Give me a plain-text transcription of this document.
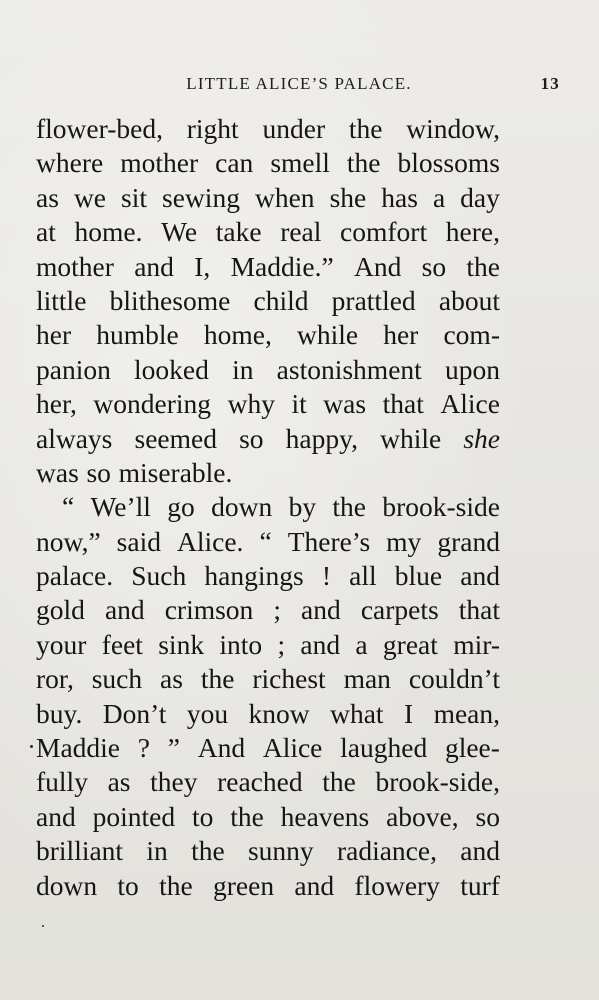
LITTLE ALICE’S PALACE.	13
flower-bed, right under the window,
where mother can smell the blossoms
as we sit sewing when she has a day
at home. We take real comfort here,
mother and I, Maddie.” And so the
little blithesome child prattled about
her humble home, while her com-
panion looked in astonishment upon
her, wondering why it was that Alice
always seemed so happy, while she
was so miserable.
“ We’ll go down by the brook-side
now,” said Alice. “ There’s my grand
palace. Such hangings ! all blue and
gold and crimson ; and carpets that
your feet sink into ; and a great mir-
ror, such as the richest man couldn’t
buy. Don’t you know what I mean,
Maddie ? ” And Alice laughed glee-
fully as they reached the brook-side,
and pointed to the heavens above, so
brilliant in the sunny radiance, and
down to the green and flowery turf
